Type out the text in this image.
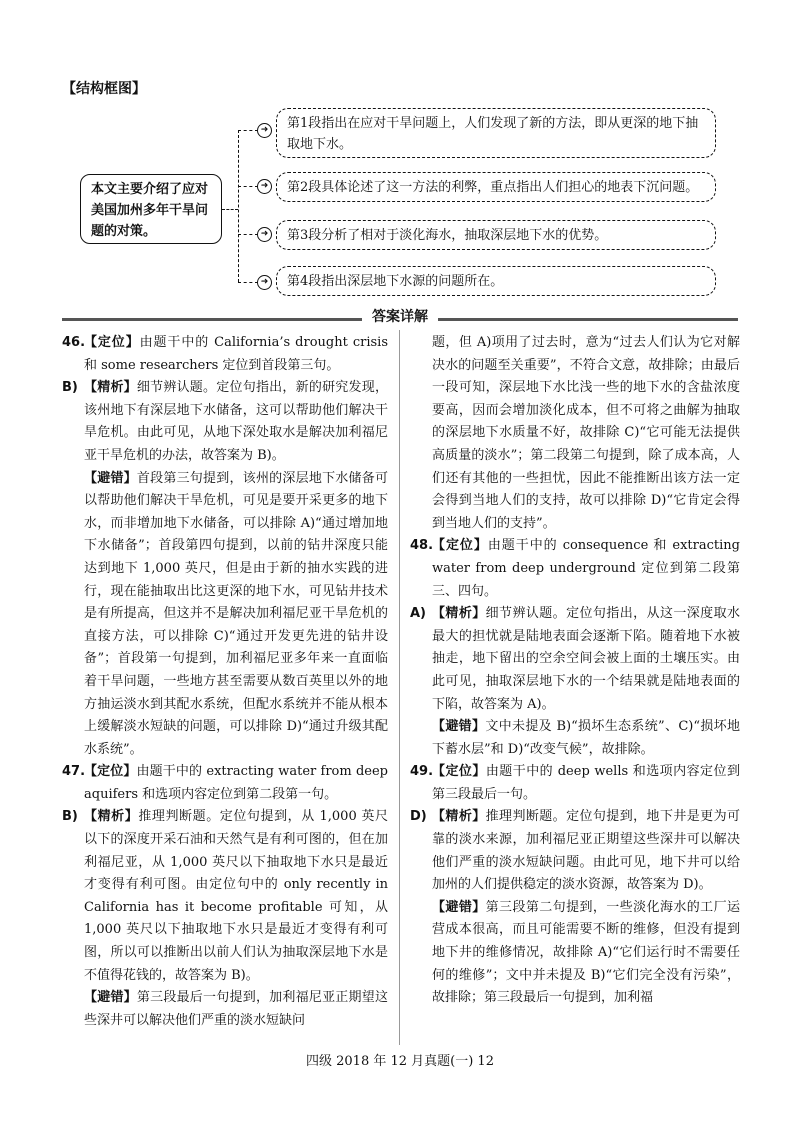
【结构框图】
本文主要介绍了应对美国加州多年干旱问题的对策。
➜	第1段指出在应对干旱问题上，人们发现了新的方法，即从更深的地下抽取地下水。
➜	第2段具体论述了这一方法的利弊，重点指出人们担心的地表下沉问题。
➜	第3段分析了相对于淡化海水，抽取深层地下水的优势。
➜	第4段指出深层地下水源的问题所在。
答案详解

46.
【定位】由题干中的 California’s drought crisis 和 some researchers 定位到首段第三句。

B) 【精析】细节辨认题。定位句指出，新的研究发现，该州地下有深层地下水储备，这可以帮助他们解决干旱危机。由此可见，从地下深处取水是解决加利福尼亚干旱危机的办法，故答案为 B)。

【避错】首段第三句提到，该州的深层地下水储备可以帮助他们解决干旱危机，可见是要开采更多的地下水，而非增加地下水储备，可以排除 A)“通过增加地下水储备”；首段第四句提到，以前的钻井深度只能达到地下 1,000 英尺，但是由于新的抽水实践的进行，现在能抽取出比这更深的地下水，可见钻井技术是有所提高，但这并不是解决加利福尼亚干旱危机的直接方法，可以排除 C)“通过开发更先进的钻井设备”；首段第一句提到，加利福尼亚多年来一直面临着干旱问题，一些地方甚至需要从数百英里以外的地方抽运淡水到其配水系统，但配水系统并不能从根本上缓解淡水短缺的问题，可以排除 D)“通过升级其配水系统”。

47.
【定位】由题干中的 extracting water from deep aquifers 和选项内容定位到第二段第一句。

B) 【精析】推理判断题。定位句提到，从 1,000 英尺以下的深度开采石油和天然气是有利可图的，但在加利福尼亚，从 1,000 英尺以下抽取地下水只是最近才变得有利可图。由定位句中的 only recently in California has it become profitable 可知，从 1,000 英尺以下抽取地下水只是最近才变得有利可图，所以可以推断出以前人们认为抽取深层地下水是不值得花钱的，故答案为 B)。

【避错】第三段最后一句提到，加利福尼亚正期望这些深井可以解决他们严重的淡水短缺问

题，但 A)项用了过去时，意为“过去人们认为它对解决水的问题至关重要”，不符合文意，故排除；由最后一段可知，深层地下水比浅一些的地下水的含盐浓度要高，因而会增加淡化成本，但不可将之曲解为抽取的深层地下水质量不好，故排除 C)“它可能无法提供高质量的淡水”；第二段第二句提到，除了成本高，人们还有其他的一些担忧，因此不能推断出该方法一定会得到当地人们的支持，故可以排除 D)“它肯定会得到当地人们的支持”。

48.
【定位】由题干中的 consequence 和 extracting water from deep underground 定位到第二段第三、四句。

A) 【精析】细节辨认题。定位句指出，从这一深度取水最大的担忧就是陆地表面会逐渐下陷。随着地下水被抽走，地下留出的空余空间会被上面的土壤压实。由此可见，抽取深层地下水的一个结果就是陆地表面的下陷，故答案为 A)。

【避错】文中未提及 B)“损坏生态系统”、C)“损坏地下蓄水层”和 D)“改变气候”，故排除。

49.
【定位】由题干中的 deep wells 和选项内容定位到第三段最后一句。

D) 【精析】推理判断题。定位句提到，地下井是更为可靠的淡水来源，加利福尼亚正期望这些深井可以解决他们严重的淡水短缺问题。由此可见，地下井可以给加州的人们提供稳定的淡水资源，故答案为 D)。

【避错】第三段第二句提到，一些淡化海水的工厂运营成本很高，而且可能需要不断的维修，但没有提到地下井的维修情况，故排除 A)“它们运行时不需要任何的维修”；文中并未提及 B)“它们完全没有污染”，故排除；第三段最后一句提到，加利福

四级 2018 年 12 月真题(一) 12
